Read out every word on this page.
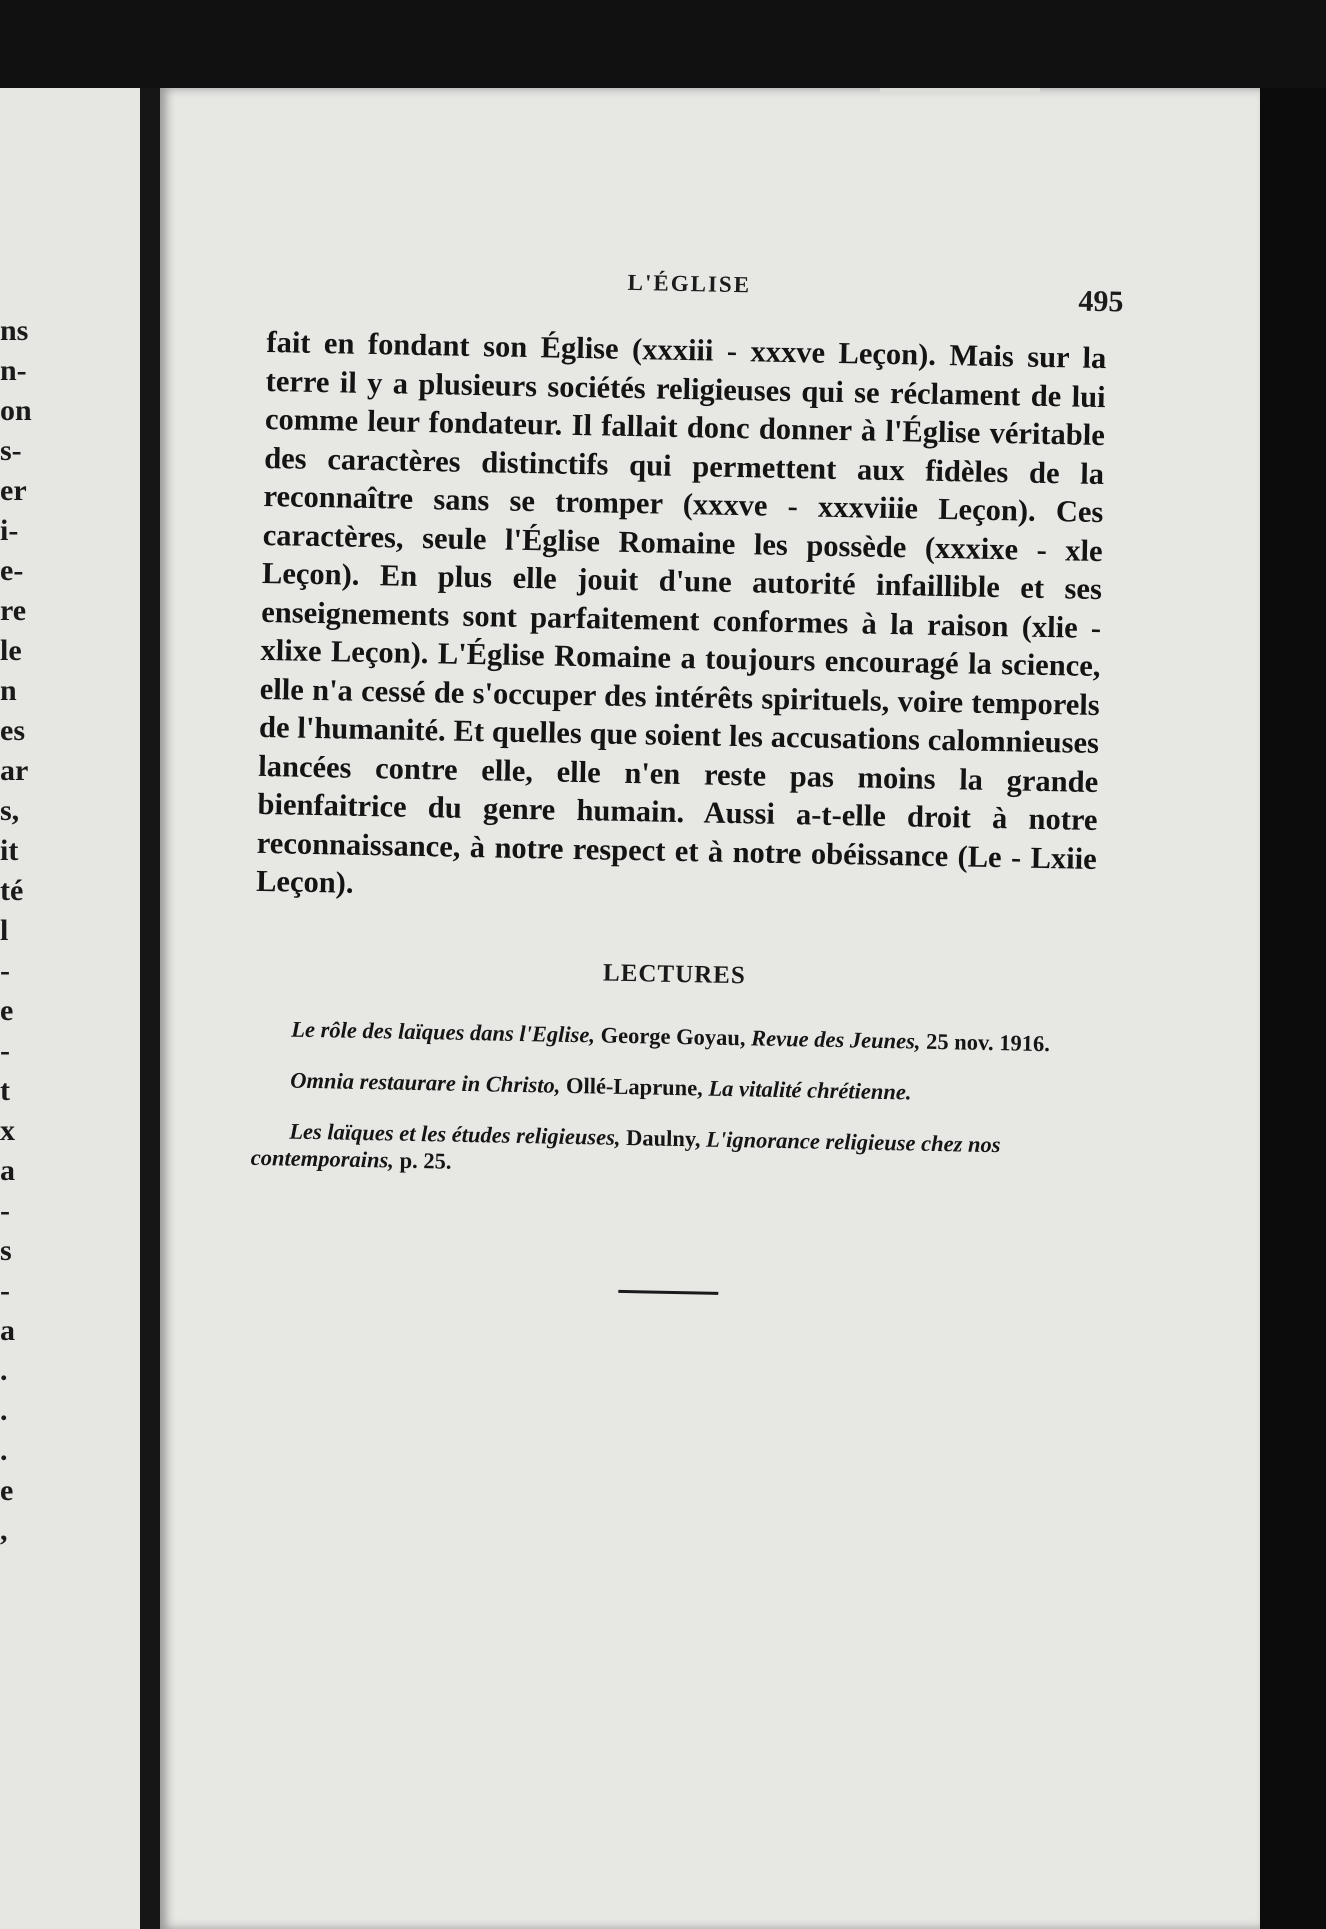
ns
n-
on
s-
er
i-
e-
re
le
n
es
ar
s,
it
té
l
-
e
-
t
x
a
-
s
-
a
.
.
.
e
,
L'ÉGLISE
495

fait en fondant son Église (xxxiii - xxxve Leçon). Mais sur la terre il y a plusieurs sociétés religieuses qui se réclament de lui comme leur fondateur. Il fallait donc donner à l'Église véritable des caractères distinctifs qui permettent aux fidèles de la reconnaître sans se tromper (xxxve - xxxviiie Leçon). Ces caractères, seule l'Église Romaine les possède (xxxixe - xle Leçon). En plus elle jouit d'une autorité infaillible et ses enseignements sont parfaitement conformes à la raison (xlie - xlixe Leçon). L'Église Romaine a toujours encouragé la science, elle n'a cessé de s'occuper des intérêts spirituels, voire temporels de l'humanité. Et quelles que soient les accusations calomnieuses lancées contre elle, elle n'en reste pas moins la grande bienfaitrice du genre humain. Aussi a-t-elle droit à notre reconnaissance, à notre respect et à notre obéissance (Le - Lxiie Leçon).

LECTURES

Le rôle des laïques dans l'Eglise, George Goyau, Revue des Jeunes, 25 nov. 1916.

Omnia restaurare in Christo, Ollé-Laprune, La vitalité chrétienne.

Les laïques et les études religieuses, Daulny, L'ignorance religieuse chez nos contemporains, p. 25.
